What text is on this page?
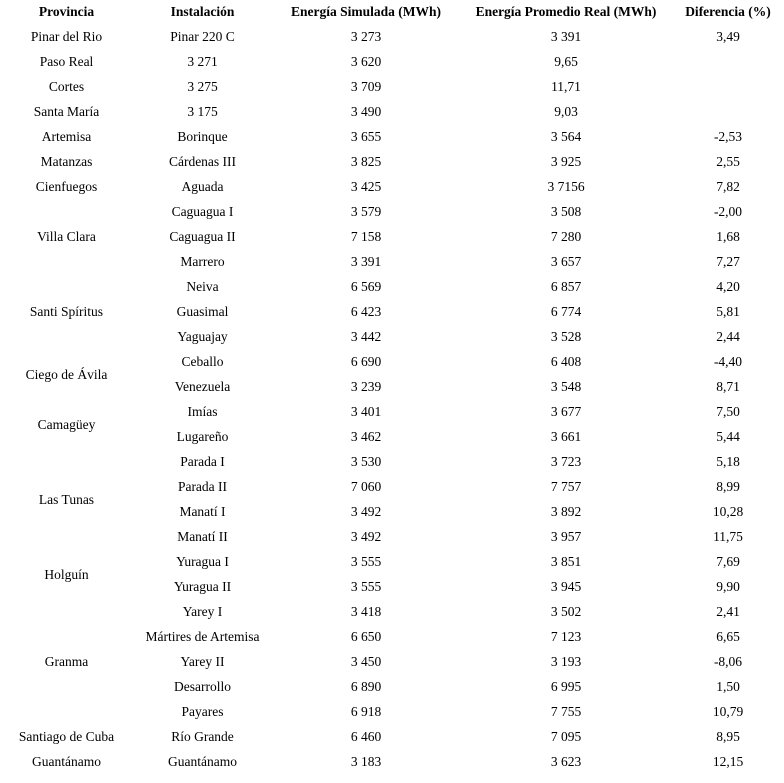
Provincia	Instalación	Energía Simulada (MWh)	Energía Promedio Real (MWh)	Diferencia (%)
Pinar del Rio	Pinar 220 C	3 273	3 391	3,49
Paso Real	3 271	3 620	9,65	
Cortes	3 275	3 709	11,71	
Santa María	3 175	3 490	9,03	
Artemisa	Borinque	3 655	3 564	-2,53
Matanzas	Cárdenas III	3 825	3 925	2,55
Cienfuegos	Aguada	3 425	3 7156	7,82
Villa Clara	Caguagua I	3 579	3 508	-2,00
	Caguagua II	7 158	7 280	1,68
	Marrero	3 391	3 657	7,27
Santi Spíritus	Neiva	6 569	6 857	4,20
	Guasimal	6 423	6 774	5,81
	Yaguajay	3 442	3 528	2,44
Ciego de Ávila	Ceballo	6 690	6 408	-4,40
	Venezuela	3 239	3 548	8,71
Camagüey	Imías	3 401	3 677	7,50
	Lugareño	3 462	3 661	5,44
Las Tunas	Parada I	3 530	3 723	5,18
	Parada II	7 060	7 757	8,99
	Manatí I	3 492	3 892	10,28
	Manatí II	3 492	3 957	11,75
Holguín	Yuragua I	3 555	3 851	7,69
	Yuragua II	3 555	3 945	9,90
Granma	Yarey I	3 418	3 502	2,41
	Mártires de Artemisa	6 650	7 123	6,65
	Yarey II	3 450	3 193	-8,06
	Desarrollo	6 890	6 995	1,50
	Payares	6 918	7 755	10,79
Santiago de Cuba	Río Grande	6 460	7 095	8,95
Guantánamo	Guantánamo	3 183	3 623	12,15
